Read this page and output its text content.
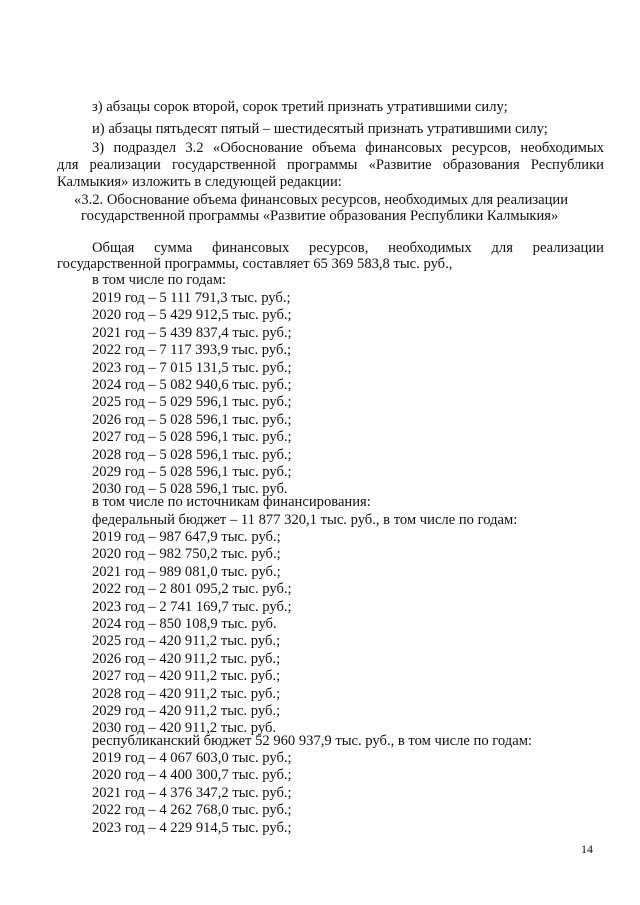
з) абзацы сорок второй, сорок третий признать утратившими силу;
и) абзацы пятьдесят пятый – шестидесятый признать утратившими силу;
3) подраздел 3.2 «Обоснование объема финансовых ресурсов, необходимых
для реализации государственной программы «Развитие образования Республики
Калмыкия» изложить в следующей редакции:
«3.2. Обоснование объема финансовых ресурсов, необходимых для реализации
государственной программы «Развитие образования Республики Калмыкия»
Общая сумма финансовых ресурсов, необходимых для реализации
государственной программы, составляет 65 369 583,8 тыс. руб.,
в том числе по годам:
2019 год – 5 111 791,3 тыс. руб.;
2020 год – 5 429 912,5 тыс. руб.;
2021 год – 5 439 837,4 тыс. руб.;
2022 год – 7 117 393,9 тыс. руб.;
2023 год – 7 015 131,5 тыс. руб.;
2024 год – 5 082 940,6 тыс. руб.;
2025 год – 5 029 596,1 тыс. руб.;
2026 год – 5 028 596,1 тыс. руб.;
2027 год – 5 028 596,1 тыс. руб.;
2028 год – 5 028 596,1 тыс. руб.;
2029 год – 5 028 596,1 тыс. руб.;
2030 год – 5 028 596,1 тыс. руб.
в том числе по источникам финансирования:
федеральный бюджет – 11 877 320,1 тыс. руб., в том числе по годам:
2019 год – 987 647,9 тыс. руб.;
2020 год – 982 750,2 тыс. руб.;
2021 год – 989 081,0 тыс. руб.;
2022 год – 2 801 095,2 тыс. руб.;
2023 год – 2 741 169,7 тыс. руб.;
2024 год – 850 108,9 тыс. руб.
2025 год – 420 911,2 тыс. руб.;
2026 год – 420 911,2 тыс. руб.;
2027 год – 420 911,2 тыс. руб.;
2028 год – 420 911,2 тыс. руб.;
2029 год – 420 911,2 тыс. руб.;
2030 год – 420 911,2 тыс. руб.
республиканский бюджет 52 960 937,9 тыс. руб., в том числе по годам:
2019 год – 4 067 603,0 тыс. руб.;
2020 год – 4 400 300,7 тыс. руб.;
2021 год – 4 376 347,2 тыс. руб.;
2022 год – 4 262 768,0 тыс. руб.;
2023 год – 4 229 914,5 тыс. руб.;
14
